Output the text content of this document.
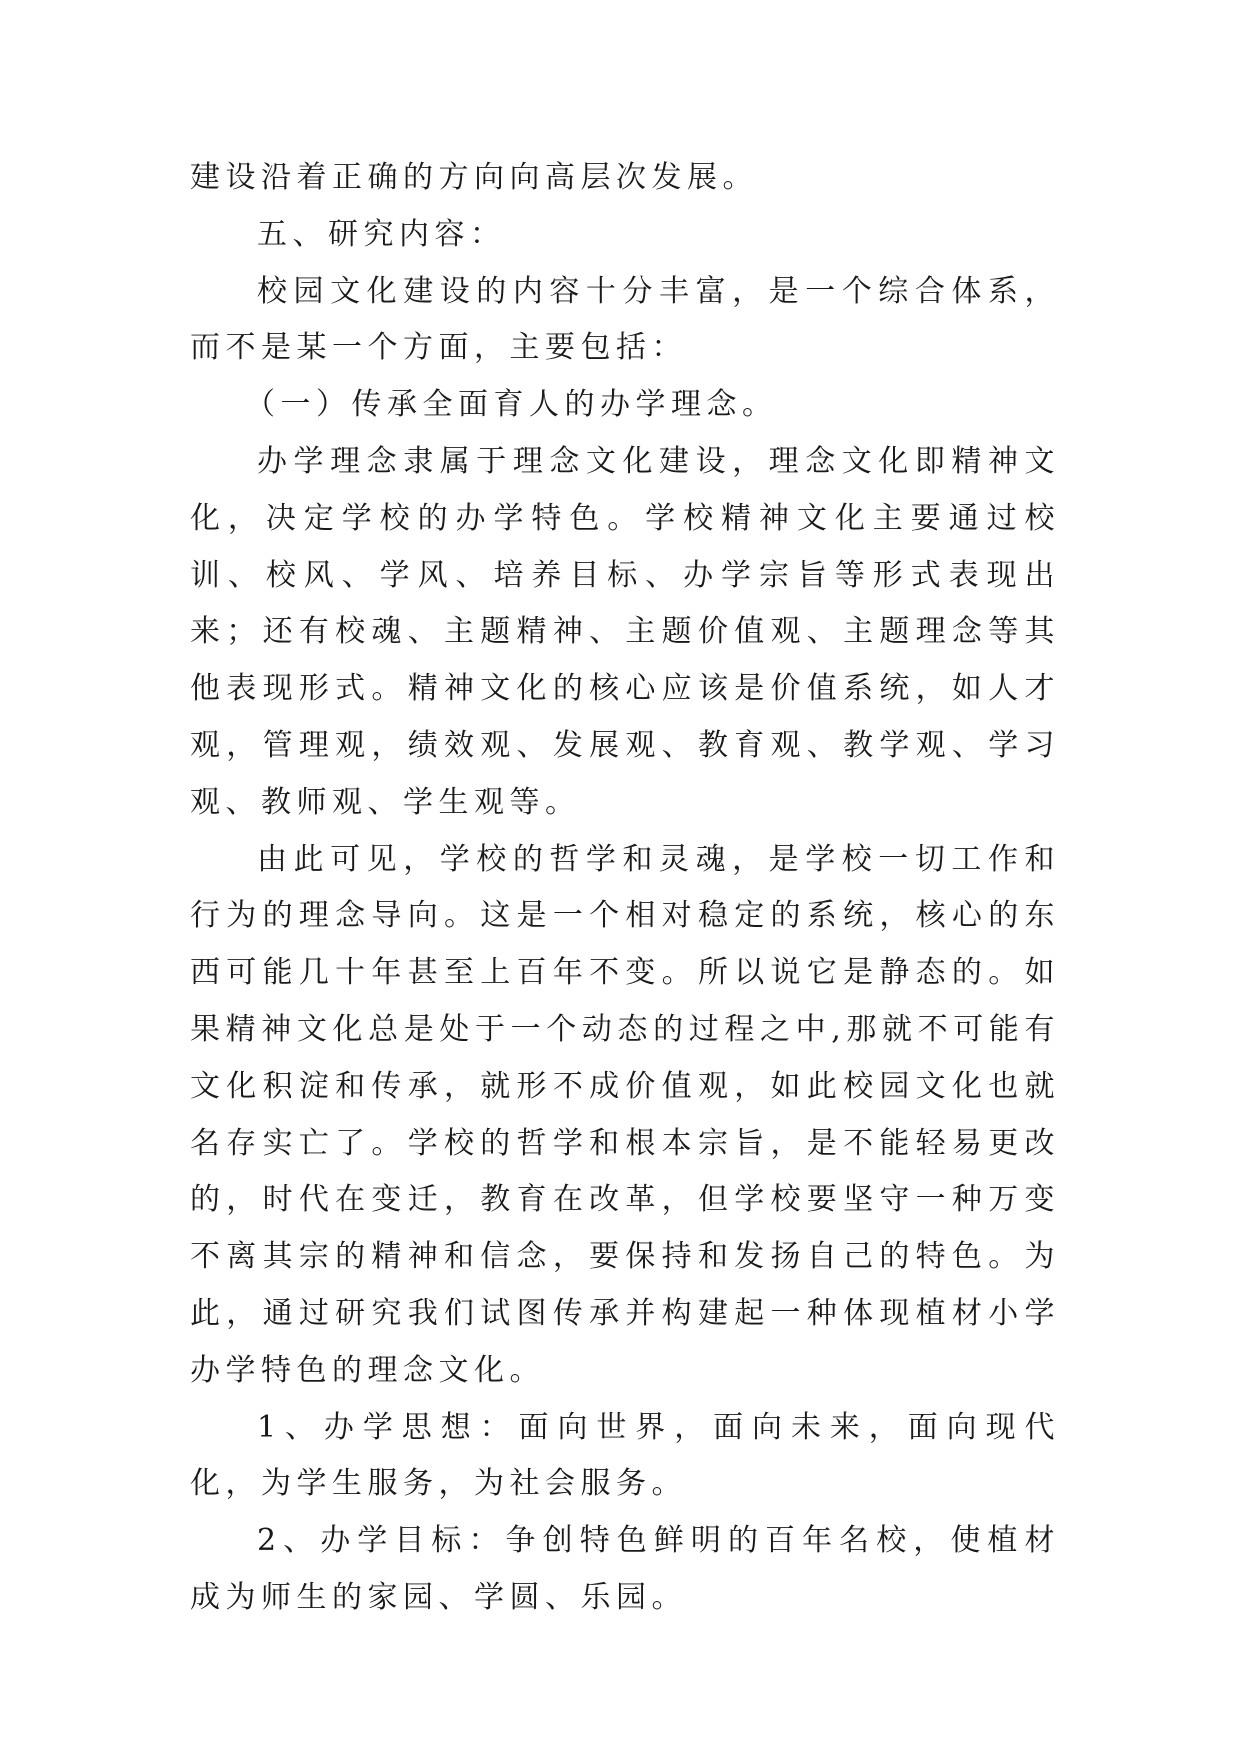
建设沿着正确的方向向高层次发展。

五、研究内容：

校园文化建设的内容十分丰富，是一个综合体系，而不是某一个方面，主要包括：

（一）传承全面育人的办学理念。

办学理念隶属于理念文化建设，理念文化即精神文化，决定学校的办学特色。学校精神文化主要通过校训、校风、学风、培养目标、办学宗旨等形式表现出来；还有校魂、主题精神、主题价值观、主题理念等其他表现形式。精神文化的核心应该是价值系统，如人才观，管理观，绩效观、发展观、教育观、教学观、学习观、教师观、学生观等。

由此可见，学校的哲学和灵魂，是学校一切工作和行为的理念导向。这是一个相对稳定的系统，核心的东西可能几十年甚至上百年不变。所以说它是静态的。如果精神文化总是处于一个动态的过程之中,那就不可能有文化积淀和传承，就形不成价值观，如此校园文化也就名存实亡了。学校的哲学和根本宗旨，是不能轻易更改的，时代在变迁，教育在改革，但学校要坚守一种万变不离其宗的精神和信念，要保持和发扬自己的特色。为此，通过研究我们试图传承并构建起一种体现植材小学办学特色的理念文化。

1、办学思想：面向世界，面向未来，面向现代化，为学生服务，为社会服务。

2、办学目标：争创特色鲜明的百年名校，使植材成为师生的家园、学圆、乐园。
